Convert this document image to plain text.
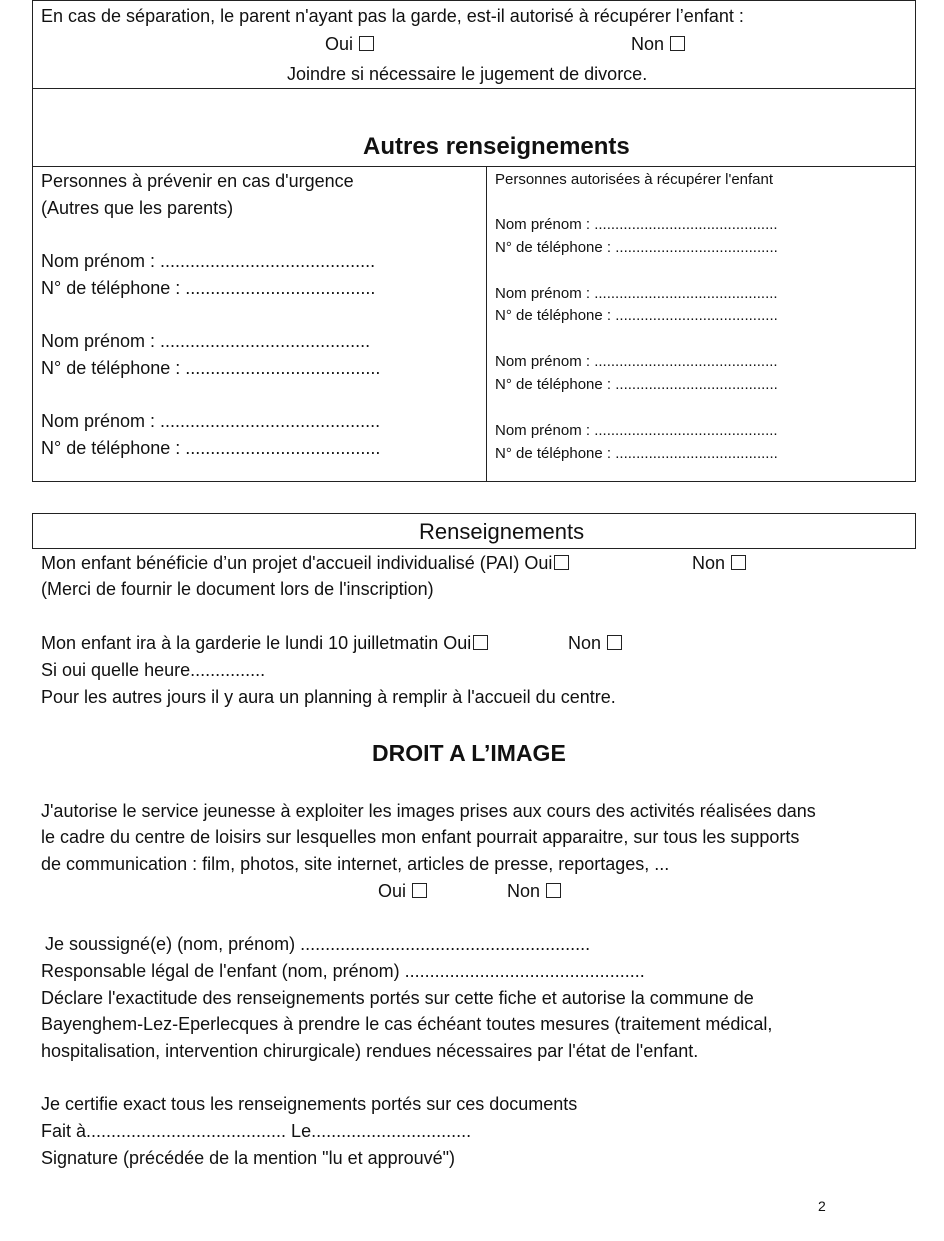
En cas de séparation, le parent n'ayant pas la garde, est-il autorisé à récupérer l’enfant :
Oui	Non
Joindre si nécessaire le jugement de divorce.
Autres renseignements
Personnes à prévenir en cas d'urgence
(Autres que les parents)
Nom prénom : ...........................................
N° de téléphone : ......................................
Nom prénom : ..........................................
N° de téléphone : .......................................
Nom prénom : ............................................
N° de téléphone : .......................................
Personnes autorisées à récupérer l'enfant
Nom prénom : ............................................
N° de téléphone : .......................................
Nom prénom : ............................................
N° de téléphone : .......................................
Nom prénom : ............................................
N° de téléphone : .......................................
Nom prénom : ............................................
N° de téléphone : .......................................
Renseignements
Mon enfant bénéficie d’un projet d'accueil individualisé (PAI) Oui	Non
(Merci de fournir le document lors de l'inscription)
Mon enfant ira à la garderie le lundi 10 juilletmatin Oui	Non
Si oui quelle heure...............
Pour les autres jours il y aura un planning à remplir à l'accueil du centre.
DROIT A L’IMAGE
J'autorise le service jeunesse à exploiter les images prises aux cours des activités réalisées dans
le cadre du centre de loisirs sur lesquelles mon enfant pourrait apparaitre, sur tous les supports
de communication : film, photos, site internet, articles de presse, reportages, ...
Oui	Non
Je soussigné(e) (nom, prénom) ..........................................................
Responsable légal de l'enfant (nom, prénom) ................................................
Déclare l'exactitude des renseignements portés sur cette fiche et autorise la commune de
Bayenghem-Lez-Eperlecques à prendre le cas échéant toutes mesures (traitement médical,
hospitalisation, intervention chirurgicale) rendues nécessaires par l'état de l'enfant.
Je certifie exact tous les renseignements portés sur ces documents
Fait à........................................ Le................................
Signature (précédée de la mention "lu et approuvé")
2
